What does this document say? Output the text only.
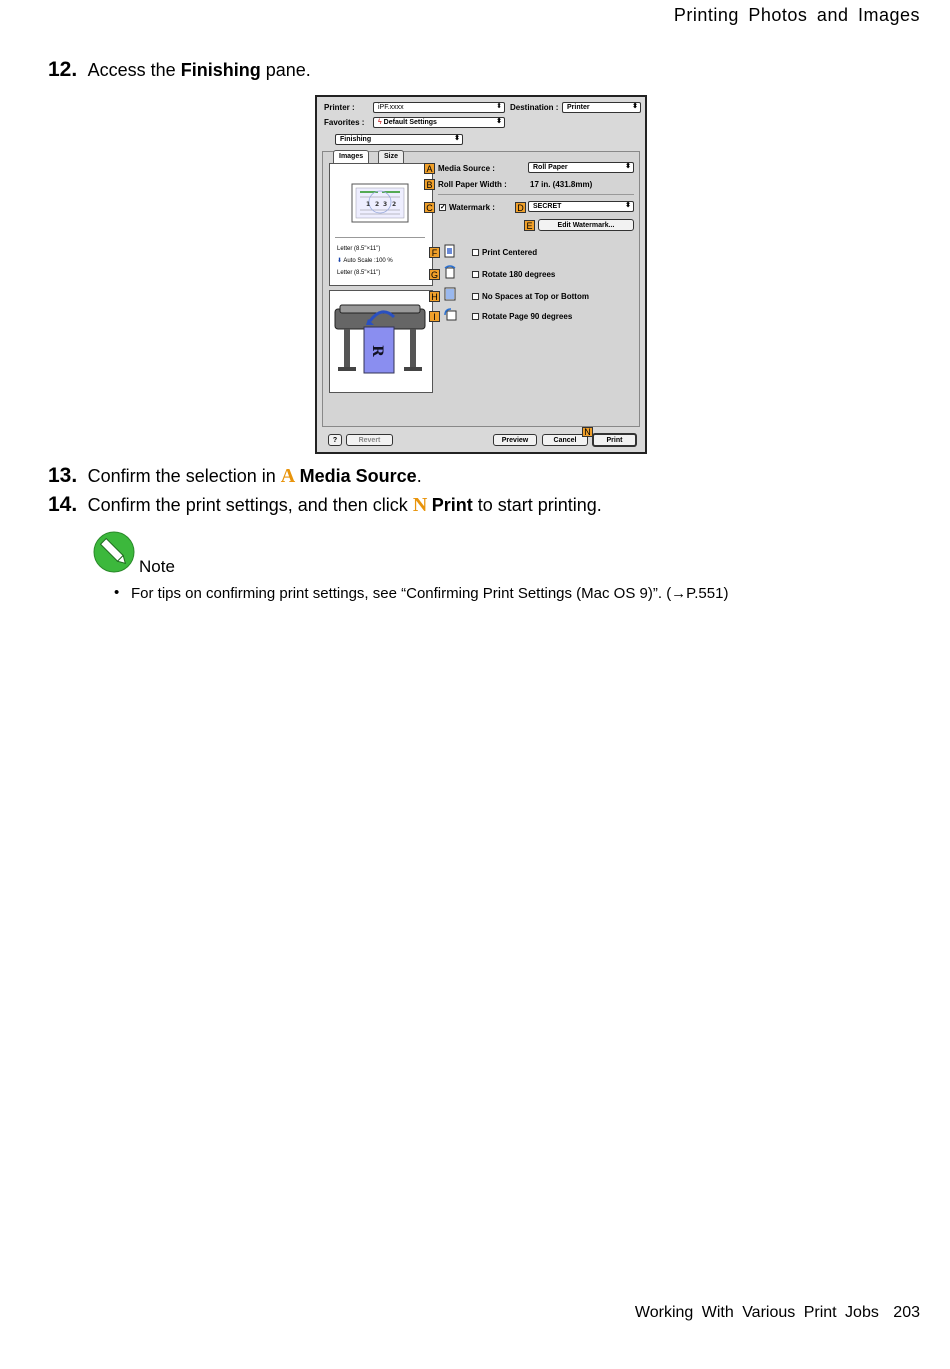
Printing Photos and Images
12. Access the Finishing pane.
Printer :	iPF.xxxx	⬍ Destination :	Printer	⬍
Favorites :	ϟ Default Settings	⬍
Finishing	⬍
Images	Size
1 2 3 2
Letter (8.5"×11")
⬇ Auto Scale :100 %
Letter (8.5"×11")
R
A Media Source :	Roll Paper	⬍
B Roll Paper Width :	17 in. (431.8mm)
C	✓ Watermark : D	SECRET	⬍
E	Edit Watermark...
F	Print Centered
G	Rotate 180 degrees
H	No Spaces at Top or Bottom
I	Rotate Page 90 degrees
?	Revert	Preview	Cancel
N
Print
13. Confirm the selection in A Media Source.
14. Confirm the print settings, and then click N Print to start printing.
Note
• For tips on confirming print settings, see “Confirming Print Settings (Mac OS 9)”. (→P.551)
Working With Various Print Jobs 203
